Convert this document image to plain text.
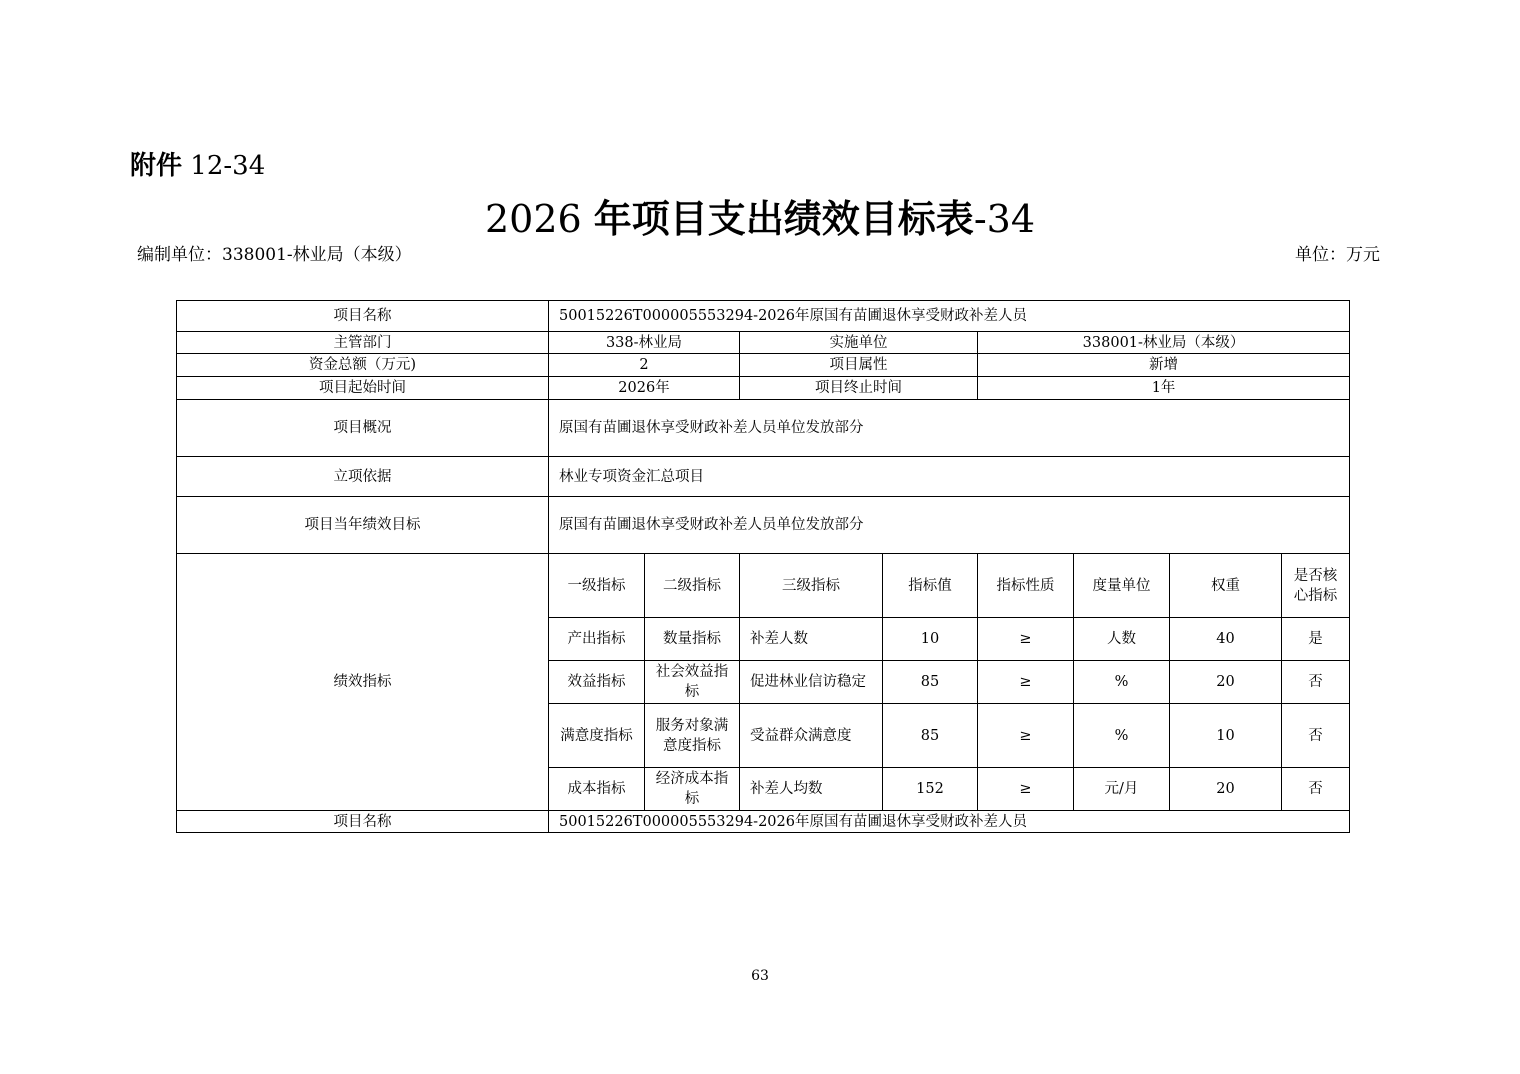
附件 12-34
2026 年项目支出绩效目标表-34
编制单位：338001-林业局（本级）	单位：万元
项目名称	50015226T000005553294-2026年原国有苗圃退休享受财政补差人员							
主管部门	338-林业局		实施单位		338001-林业局（本级）			
资金总额（万元)	2		项目属性		新增			
项目起始时间	2026年		项目终止时间		1年			
项目概况	原国有苗圃退休享受财政补差人员单位发放部分							
立项依据	林业专项资金汇总项目							
项目当年绩效目标	原国有苗圃退休享受财政补差人员单位发放部分							
绩效指标	一级指标	二级指标	三级指标	指标值	指标性质	度量单位	权重	是否核心指标
	产出指标	数量指标	补差人数	10	≥	人数	40	是
	效益指标	社会效益指标	促进林业信访稳定	85	≥	%	20	否
	满意度指标	服务对象满意度指标	受益群众满意度	85	≥	%	10	否
	成本指标	经济成本指标	补差人均数	152	≥	元/月	20	否
项目名称	50015226T000005553294-2026年原国有苗圃退休享受财政补差人员							
63
